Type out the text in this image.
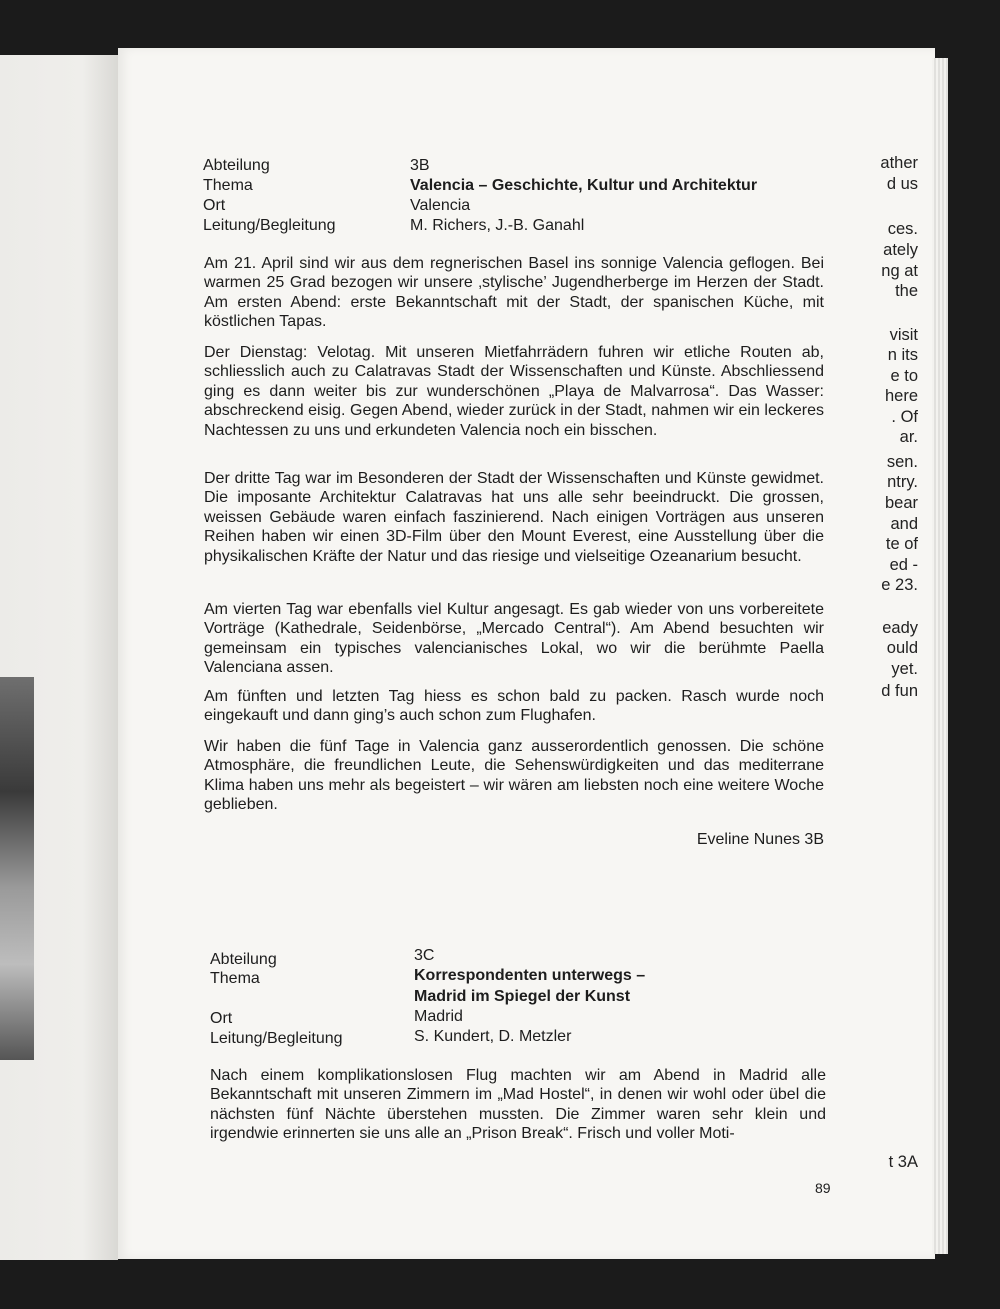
ather
d us
ces.
ately
ng at
the
visit
n its
e to
here
. Of
ar.
sen.
ntry.
bear
and
te of
ed -
e 23.
eady
ould
yet.
d fun
t 3A
Abteilung	3B
Thema	Valencia – Geschichte, Kultur und Architektur
Ort	Valencia
Leitung/Begleitung	M. Richers, J.-B. Ganahl

Am 21. April sind wir aus dem regnerischen Basel ins sonnige Valencia geflogen. Bei warmen 25 Grad bezogen wir unsere ‚stylische’ Jugendherberge im Herzen der Stadt. Am ersten Abend: erste Bekanntschaft mit der Stadt, der spanischen Küche, mit köstlichen Tapas.

Der Dienstag: Velotag. Mit unseren Mietfahrrädern fuhren wir etliche Routen ab, schliesslich auch zu Calatravas Stadt der Wissenschaften und Künste. Abschliessend ging es dann weiter bis zur wunderschönen „Playa de Malvarrosa“. Das Wasser: abschreckend eisig. Gegen Abend, wieder zurück in der Stadt, nahmen wir ein leckeres Nachtessen zu uns und erkundeten Valencia noch ein bisschen.

Der dritte Tag war im Besonderen der Stadt der Wissenschaften und Künste gewidmet. Die imposante Architektur Calatravas hat uns alle sehr beeindruckt. Die grossen, weissen Gebäude waren einfach faszinierend. Nach einigen Vorträgen aus unseren Reihen haben wir einen 3D-Film über den Mount Everest, eine Ausstellung über die physikalischen Kräfte der Natur und das riesige und vielseitige Ozeanarium besucht.

Am vierten Tag war ebenfalls viel Kultur angesagt. Es gab wieder von uns vorbereitete Vorträge (Kathedrale, Seidenbörse, „Mercado Central“). Am Abend besuchten wir gemeinsam ein typisches valencianisches Lokal, wo wir die berühmte Paella Valenciana assen.

Am fünften und letzten Tag hiess es schon bald zu packen. Rasch wurde noch eingekauft und dann ging’s auch schon zum Flughafen.

Wir haben die fünf Tage in Valencia ganz ausserordentlich genossen. Die schöne Atmosphäre, die freundlichen Leute, die Sehenswürdigkeiten und das mediterrane Klima haben uns mehr als begeistert – wir wären am liebsten noch eine weitere Woche geblieben.

Eveline Nunes 3B
Abteilung	3C
Thema	Korrespondenten unterwegs –
Madrid im Spiegel der Kunst
Ort	Madrid
Leitung/Begleitung	S. Kundert, D. Metzler

Nach einem komplikationslosen Flug machten wir am Abend in Madrid alle Bekanntschaft mit unseren Zimmern im „Mad Hostel“, in denen wir wohl oder übel die nächsten fünf Nächte überstehen mussten. Die Zimmer waren sehr klein und irgendwie erinnerten sie uns alle an „Prison Break“. Frisch und voller Moti-

89
